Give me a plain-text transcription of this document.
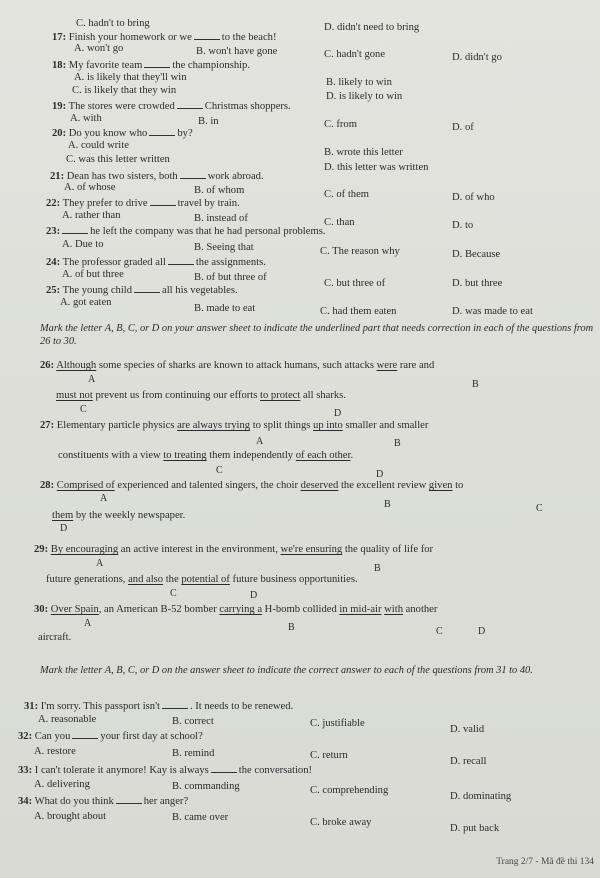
C. hadn't to bring	D. didn't need to bring
17: Finish your homework or we	to the beach!
A. won't go	B. won't have gone	C. hadn't gone	D. didn't go
18: My favorite team	the championship.
A. is likely that they'll win	B. likely to win
C. is likely that they win
D. is likely to win
19: The stores were crowded	Christmas shoppers.
A. with	B. in	C. from	D. of
20: Do you know who	by?
A. could write
B. wrote this letter
C. was this letter written
D. this letter was written
21: Dean has two sisters, both	work abroad.
A. of whose	B. of whom	C. of them	D. of who
22: They prefer to drive	travel by train.
A. rather than	B. instead of	C. than	D. to
23:	he left the company was that he had personal problems.
A. Due to	B. Seeing that	C. The reason why	D. Because
24: The professor graded all	the assignments.
A. of but three	B. of but three of
C. but three of	D. but three
25: The young child	all his vegetables.
A. got eaten
B. made to eat	C. had them eaten	D. was made to eat
Mark the letter A, B, C, or D on your answer sheet to indicate the underlined part that needs correction in each of the questions from 26 to 30.
26: Although some species of sharks are known to attack humans, such attacks were rare and
A	B
must not prevent us from continuing our efforts to protect all sharks.
C	D
27: Elementary particle physics are always trying to split things up into smaller and smaller
A	B
constituents with a view to treating them independently of each other.
C	D
28: Comprised of experienced and talented singers, the choir deserved the excellent review given to
A
B	C
them by the weekly newspaper.
D
29: By encouraging an active interest in the environment, we're ensuring the quality of life for
A	B
future generations, and also the potential of future business opportunities.
C	D
30: Over Spain, an American B-52 bomber carrying a H-bomb collided in mid-air with another
A	B	C	D
aircraft.
Mark the letter A, B, C, or D on the answer sheet to indicate the correct answer to each of the questions from 31 to 40.
31: I'm sorry. This passport isn't	. It needs to be renewed.
A. reasonable	B. correct	C. justifiable
D. valid
32: Can you	your first day at school?
A. restore	B. remind	C. return
D. recall
33: I can't tolerate it anymore! Kay is always	the conversation!
A. delivering	B. commanding	C. comprehending
D. dominating
34: What do you think	her anger?
A. brought about	B. came over	C. broke away
D. put back
Trang 2/7 - Mã đề thi 134
